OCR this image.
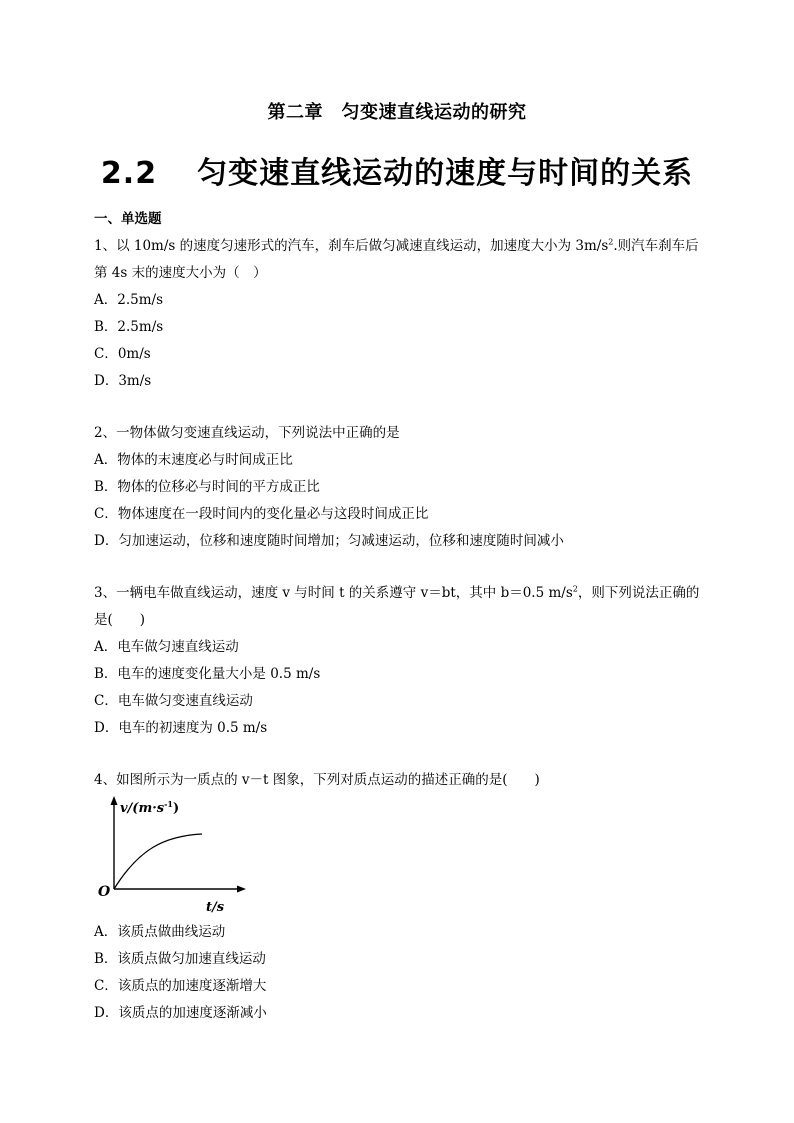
第二章　匀变速直线运动的研究
2.2 匀变速直线运动的速度与时间的关系
一、单选题
1、以 10m/s 的速度匀速形式的汽车，刹车后做匀减速直线运动，加速度大小为 $3m/s^2$.则汽车刹车后
第 4s 末的速度大小为（　）
A．2.5m/s
B．2.5m/s
C．0m/s
D．3m/s
2、一物体做匀变速直线运动，下列说法中正确的是
A．物体的末速度必与时间成正比
B．物体的位移必与时间的平方成正比
C．物体速度在一段时间内的变化量必与这段时间成正比
D．匀加速运动，位移和速度随时间增加；匀减速运动，位移和速度随时间减小
3、一辆电车做直线运动，速度 v 与时间 t 的关系遵守 v＝bt，其中 b＝0.5 $m/s^2$，则下列说法正确的
是(　　)
A．电车做匀速直线运动
B．电车的速度变化量大小是 0.5 m/s
C．电车做匀变速直线运动
D．电车的初速度为 0.5 m/s
4、如图所示为一质点的 v－t 图象，下列对质点运动的描述正确的是(　　)
$v/(m\cdot s^{-1})$
O
t/s
A．该质点做曲线运动
B．该质点做匀加速直线运动
C．该质点的加速度逐渐增大
D．该质点的加速度逐渐减小
